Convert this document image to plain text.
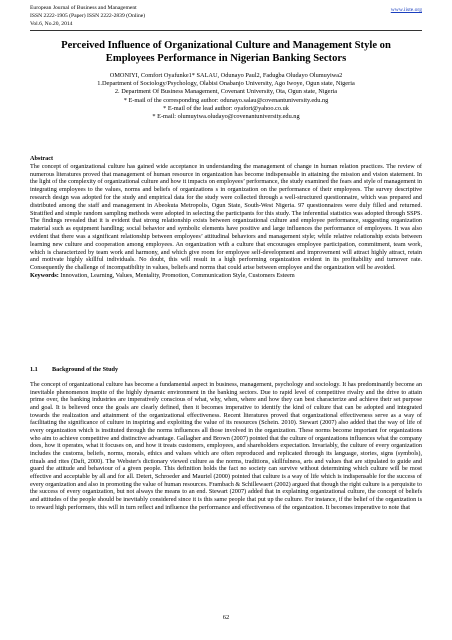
European Journal of Business and Management	www.iiste.org
ISSN 2222-1905 (Paper) ISSN 2222-2839 (Online)
Vol.6, No.20, 2014
Perceived Influence of Organizational Culture and Management Style on Employees Performance in Nigerian Banking Sectors
OMONIYI, Comfort Oyafunke1* SALAU, Odunayo Paul2, Fadugba Oludayo Olumuyiwa2
1.Department of Sociology/Psychology, Olabisi Onabanjo University, Ago Iwoye, Ogun state, Nigeria
2. Department Of Business Management, Covenant University, Ota, Ogun state, Nigeria
* E-mail of the corresponding author: odunayo.salau@covenantuniversity.edu.ng
* E-mail of the lead author: oyafort@yahoo.co.uk
* E-mail: olumuyiwa.oludayo@covenantuniversity.edu.ng

Abstract

The concept of organizational culture has gained wide acceptance in understanding the management of change in human relation practices. The review of numerous literatures proved that management of human resource in organization has become indispensable in attaining the mission and vision statement. In the light of the complexity of organizational culture and how it impacts on employees’ performance, the study examined the fears and style of management in integrating employees to the values, norms and beliefs of organizations s in organization on the performance of their employees. The survey descriptive research design was adopted for the study and empirical data for the study were collected through a well-structured questionnaire, which was prepared and distributed among the staff and management in Abeokuta Metropolis, Ogun State, South-West Nigeria. 97 questionnaires were duly filled and returned. Stratified and simple random sampling methods were adopted in selecting the participants for this study. The inferential statistics was adopted through SSPS. The findings revealed that it is evident that strong relationship exists between organizational culture and employee performance, suggesting organization material such as equipment handling; social behavior and symbolic elements have positive and large influences the performance of employees. It was also evident that there was a significant relationship between employees’ attitudinal behaviors and management style; while relative relationship exists between learning new culture and cooperation among employees. An organization with a culture that encourages employee participation, commitment, team work, which is characterized by team work and harmony, and which give room for employee self-development and improvement will attract highly attract, retain and motivate highly skillful individuals. No doubt, this will result in a high performing organization evident in its profitability and turnover rate. Consequently the challenge of incompatibility in values, beliefs and norms that could arise between employee and the organization will be avoided.

Keywords: Innovation, Learning, Values, Mentality, Promotion, Communication Style, Customers Esteem

1.1 Background of the Study
The concept of organizational culture has become a fundamental aspect in business, management, psychology and sociology. It has predominantly become an inevitable phenomenon inspite of the highly dynamic environment in the banking sectors. Due to rapid level of competitive rivalry and the drive to attain prime over, the banking industries are imperatively conscious of what, why, when, where and how they can best characterize and achieve their set purpose and goal. It is believed once the goals are clearly defined, then it becomes imperative to identify the kind of culture that can be adopted and integrated towards the realization and attainment of the organizational effectiveness. Recent literatures proved that organizational effectiveness serve as a way of facilitating the significance of culture in inspiring and exploiting the value of its resources (Schein. 2010). Stewart (2007) also added that the way of life of every organization which is instituted through the norms influences all those involved in the organization. These norms become important for organizations who aim to achieve competitive and distinctive advantage. Gallagher and Brown (2007) pointed that the culture of organizations influences what the company does, how it operates, what it focuses on, and how it treats customers, employees, and shareholders expectation. Invariably, the culture of every organization includes the customs, beliefs, norms, morals, ethics and values which are often reproduced and replicated through its language, stories, signs (symbols), rituals and rites (Daft, 2000). The Webster's dictionary viewed culture as the norms, traditions, skillfulness, arts and values that are stipulated to guide and guard the attitude and behaviour of a given people. This definition holds the fact no society can survive without determining which culture will be most effective and acceptable by all and for all. Detert, Schroeder and Mauriel (2000) pointed that culture is a way of life which is indispensable for the success of every organization and also in promoting the value of human resources. Frambach & Schillewaert (2002) argued that though the right culture is a perquisite to the success of every organization, but not always the means to an end. Stewart (2007) added that in explaining organizational culture, the concept of beliefs and attitudes of the people should be inevitably considered since it is this same people that put up the culture. For instance, if the belief of the organization is to reward high performers, this will in turn reflect and influence the performance and effectiveness of the organization. It becomes imperative to note that
62
